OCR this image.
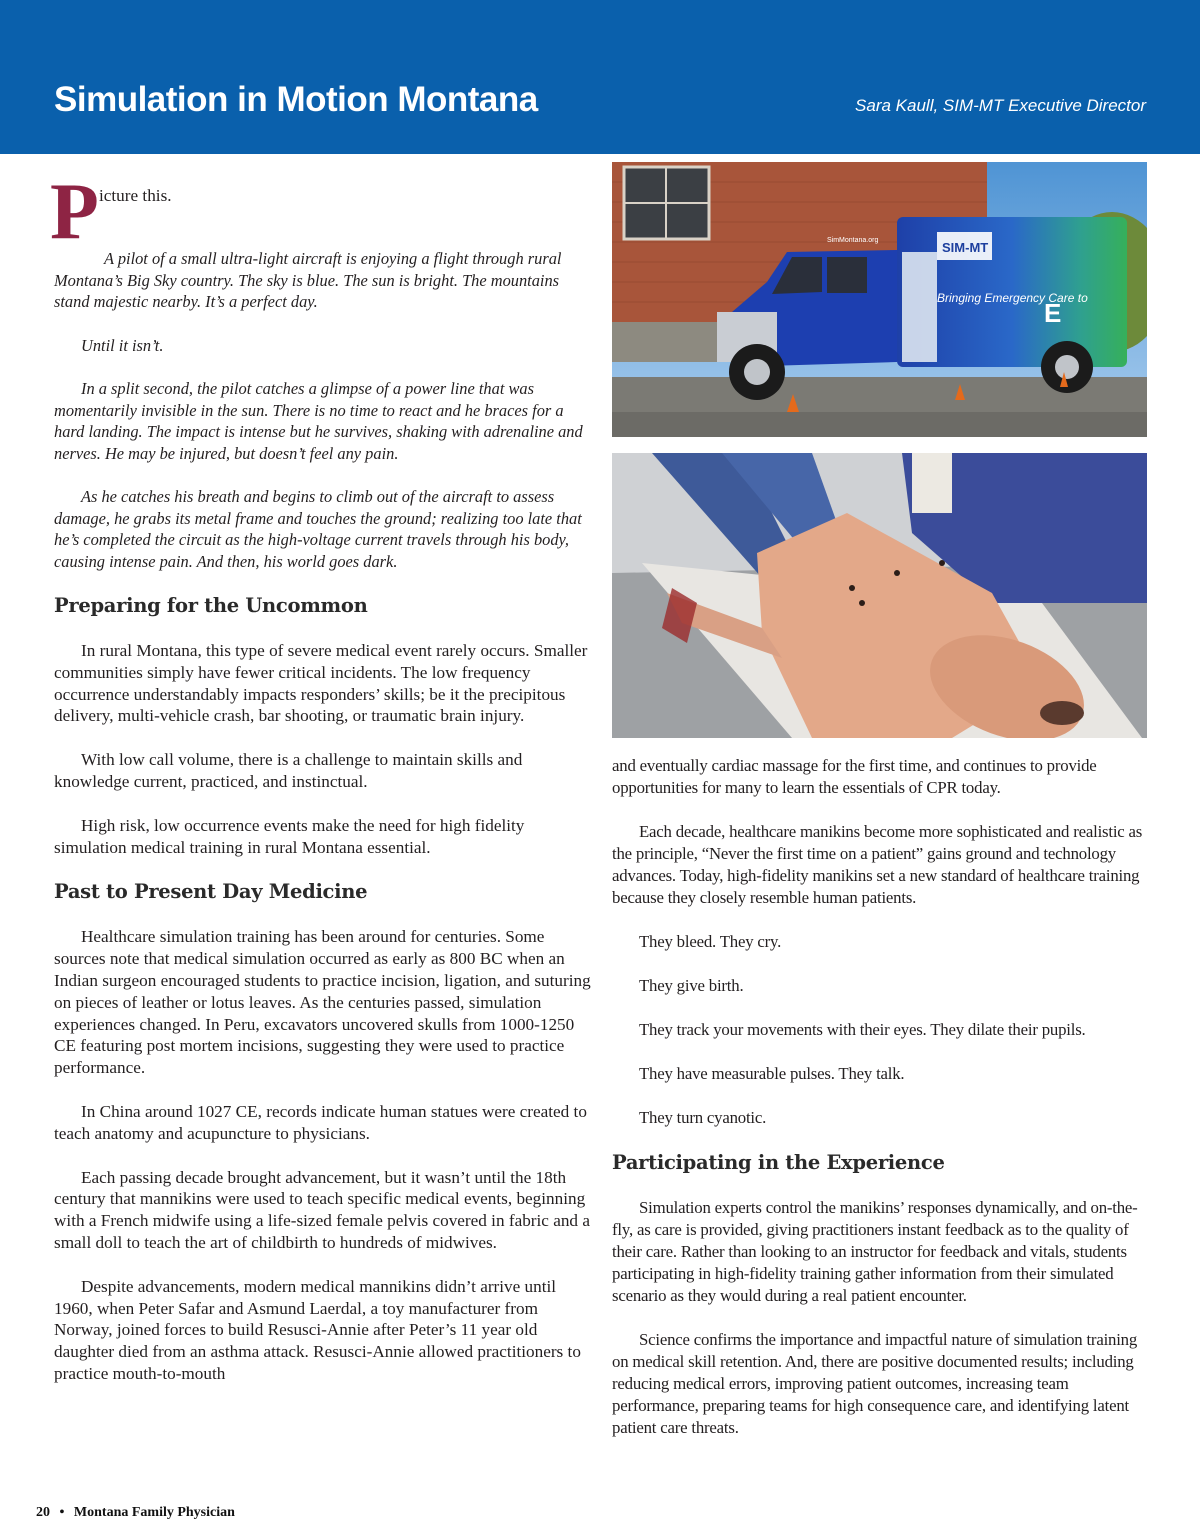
Simulation in Motion Montana	Sara Kaull, SIM-MT Executive Director
P icture this.

A pilot of a small ultra-light aircraft is enjoying a flight through rural Montana’s Big Sky country. The sky is blue. The sun is bright. The mountains stand majestic nearby. It’s a perfect day.

Until it isn’t.

In a split second, the pilot catches a glimpse of a power line that was momentarily invisible in the sun. There is no time to react and he braces for a hard landing. The impact is intense but he survives, shaking with adrenaline and nerves. He may be injured, but doesn’t feel any pain.

As he catches his breath and begins to climb out of the aircraft to assess damage, he grabs its metal frame and touches the ground; realizing too late that he’s completed the circuit as the high-voltage current travels through his body, causing intense pain. And then, his world goes dark.

Preparing for the Uncommon

In rural Montana, this type of severe medical event rarely occurs. Smaller communities simply have fewer critical incidents. The low frequency occurrence understandably impacts responders’ skills; be it the precipitous delivery, multi-vehicle crash, bar shooting, or traumatic brain injury.

With low call volume, there is a challenge to maintain skills and knowledge current, practiced, and instinctual.

High risk, low occurrence events make the need for high fidelity simulation medical training in rural Montana essential.

Past to Present Day Medicine

Healthcare simulation training has been around for centuries. Some sources note that medical simulation occurred as early as 800 BC when an Indian surgeon encouraged students to practice incision, ligation, and suturing on pieces of leather or lotus leaves. As the centuries passed, simulation experiences changed. In Peru, excavators uncovered skulls from 1000-1250 CE featuring post mortem incisions, suggesting they were used to practice performance.

In China around 1027 CE, records indicate human statues were created to teach anatomy and acupuncture to physicians.

Each passing decade brought advancement, but it wasn’t until the 18th century that mannikins were used to teach specific medical events, beginning with a French midwife using a life-sized female pelvis covered in fabric and a small doll to teach the art of childbirth to hundreds of midwives.

Despite advancements, modern medical mannikins didn’t arrive until 1960, when Peter Safar and Asmund Laerdal, a toy manufacturer from Norway, joined forces to build Resusci-Annie after Peter’s 11 year old daughter died from an asthma attack. Resusci-Annie allowed practitioners to practice mouth-to-mouth

SIM-MT
Bringing Emergency Care to
E
SimMontana.org

and eventually cardiac massage for the first time, and continues to provide opportunities for many to learn the essentials of CPR today.

Each decade, healthcare manikins become more sophisticated and realistic as the principle, “Never the first time on a patient” gains ground and technology advances. Today, high-fidelity manikins set a new standard of healthcare training because they closely resemble human patients.

They bleed. They cry.

They give birth.

They track your movements with their eyes. They dilate their pupils.

They have measurable pulses. They talk.

They turn cyanotic.

Participating in the Experience

Simulation experts control the manikins’ responses dynamically, and on-the-fly, as care is provided, giving practitioners instant feedback as to the quality of their care. Rather than looking to an instructor for feedback and vitals, students participating in high-fidelity training gather information from their simulated scenario as they would during a real patient encounter.

Science confirms the importance and impactful nature of simulation training on medical skill retention. And, there are positive documented results; including reducing medical errors, improving patient outcomes, increasing team performance, preparing teams for high consequence care, and identifying latent patient care threats.

20 • Montana Family Physician
